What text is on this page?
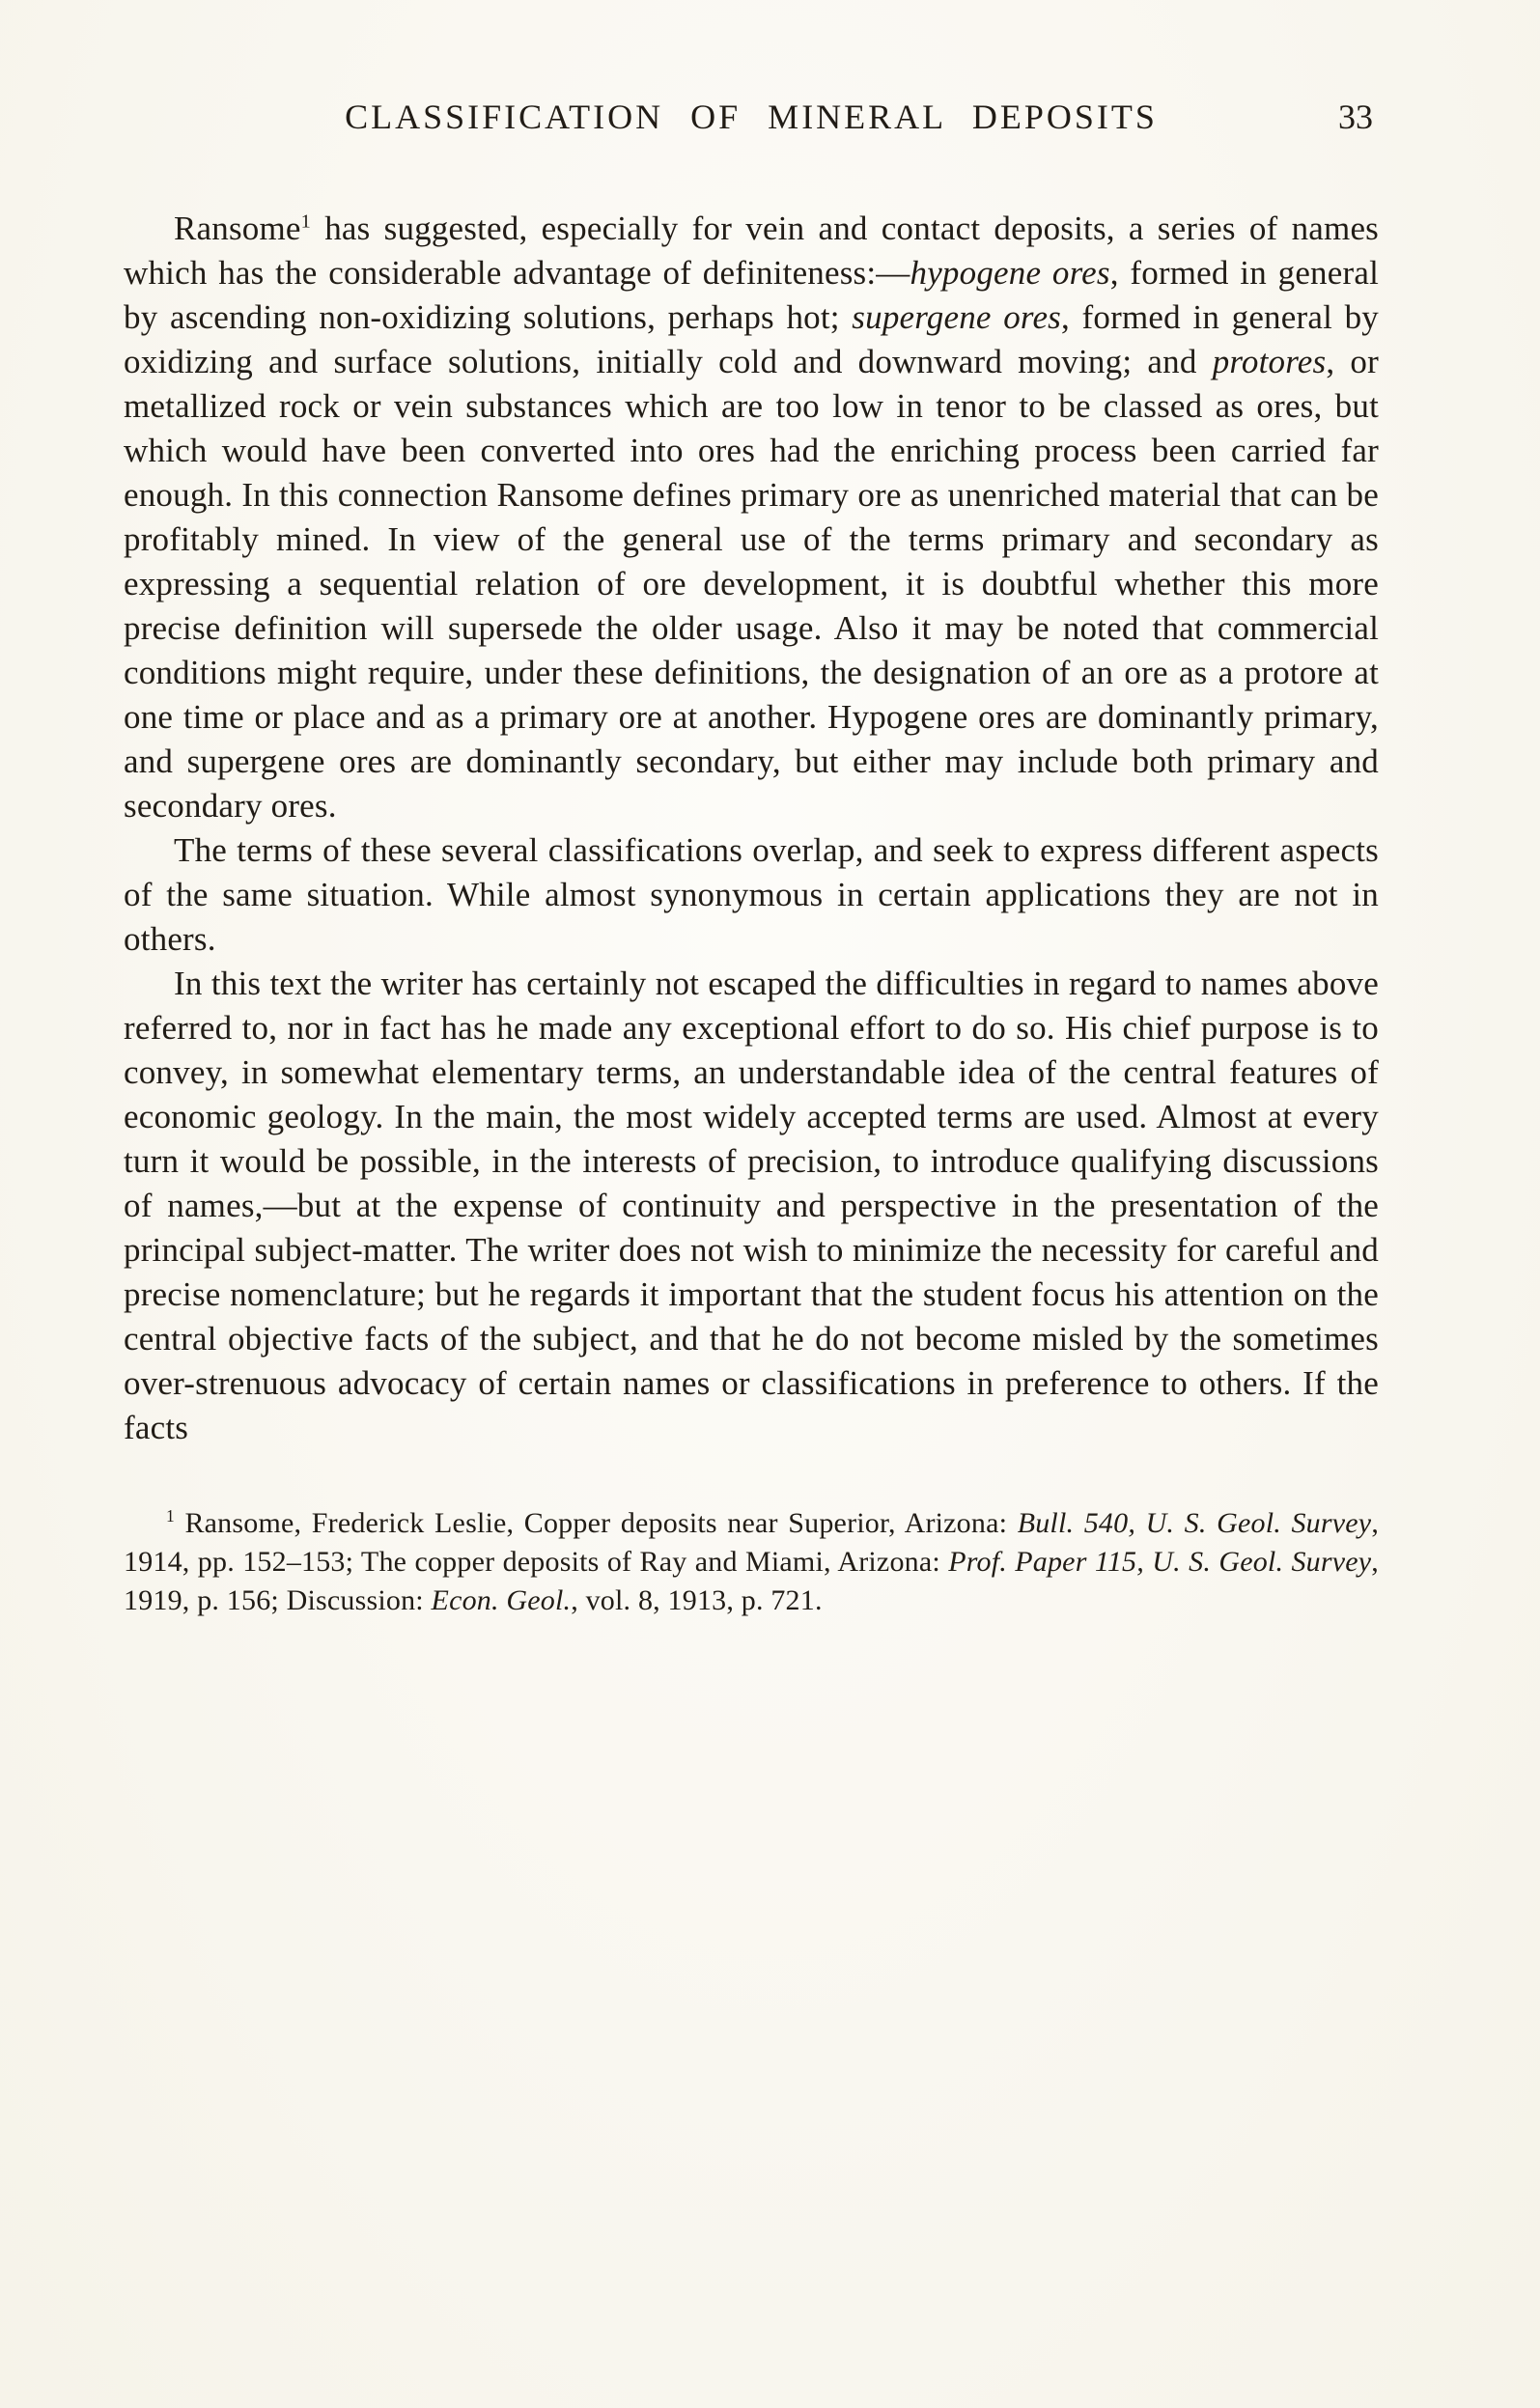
CLASSIFICATION OF MINERAL DEPOSITS	33

Ransome$^1$ has suggested, especially for vein and contact deposits, a series of names which has the considerable advantage of definiteness:—hypogene ores, formed in general by ascending non-oxidizing solutions, perhaps hot; supergene ores, formed in general by oxidizing and surface solutions, initially cold and downward moving; and protores, or metallized rock or vein substances which are too low in tenor to be classed as ores, but which would have been converted into ores had the enriching process been carried far enough. In this connection Ransome defines primary ore as unenriched material that can be profitably mined. In view of the general use of the terms primary and secondary as expressing a sequential relation of ore development, it is doubtful whether this more precise definition will supersede the older usage. Also it may be noted that commercial conditions might require, under these definitions, the designation of an ore as a protore at one time or place and as a primary ore at another. Hypogene ores are dominantly primary, and supergene ores are dominantly secondary, but either may include both primary and secondary ores.

The terms of these several classifications overlap, and seek to express different aspects of the same situation. While almost synonymous in certain applications they are not in others.

In this text the writer has certainly not escaped the difficulties in regard to names above referred to, nor in fact has he made any exceptional effort to do so. His chief purpose is to convey, in somewhat elementary terms, an understandable idea of the central features of economic geology. In the main, the most widely accepted terms are used. Almost at every turn it would be possible, in the interests of precision, to introduce qualifying discussions of names,—but at the expense of continuity and perspective in the presentation of the principal subject-matter. The writer does not wish to minimize the necessity for careful and precise nomenclature; but he regards it important that the student focus his attention on the central objective facts of the subject, and that he do not become misled by the sometimes over-strenuous advocacy of certain names or classifications in preference to others. If the facts

$^1$ Ransome, Frederick Leslie, Copper deposits near Superior, Arizona: Bull. 540, U. S. Geol. Survey, 1914, pp. 152–153; The copper deposits of Ray and Miami, Arizona: Prof. Paper 115, U. S. Geol. Survey, 1919, p. 156; Discussion: Econ. Geol., vol. 8, 1913, p. 721.
